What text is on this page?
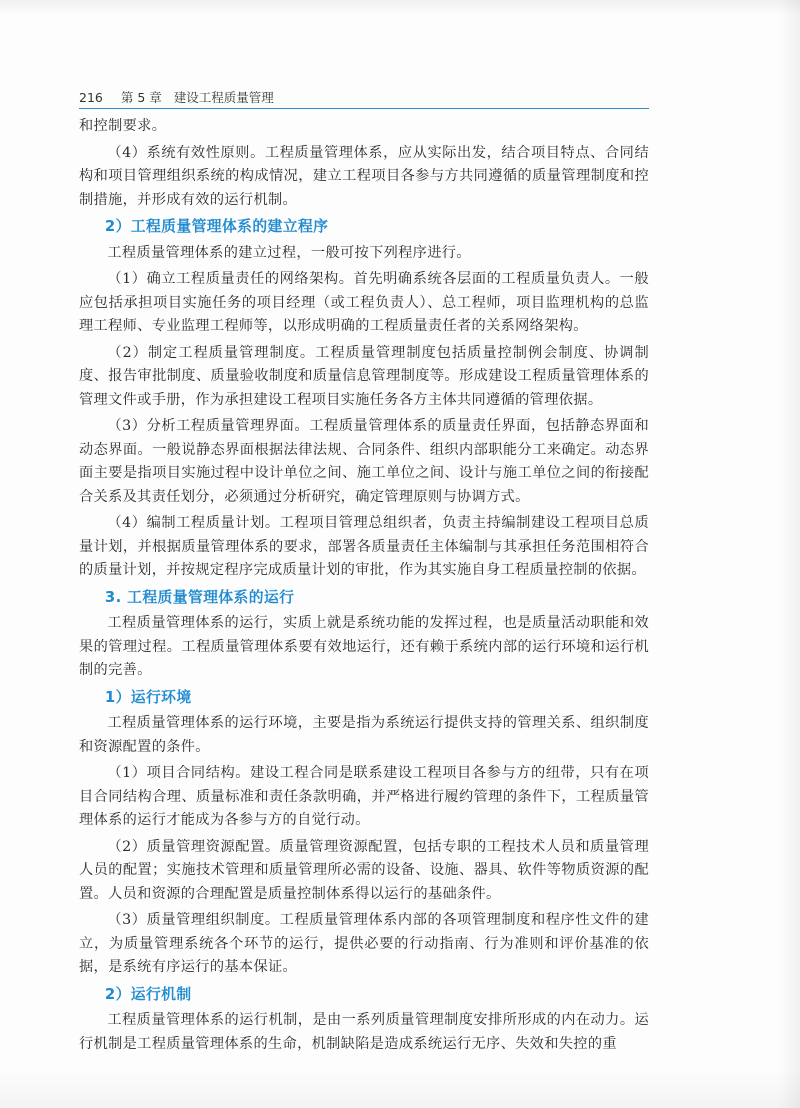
216 第 5 章 建设工程质量管理

和控制要求。

（4）系统有效性原则。工程质量管理体系，应从实际出发，结合项目特点、合同结构和项目管理组织系统的构成情况，建立工程项目各参与方共同遵循的质量管理制度和控制措施，并形成有效的运行机制。

2）工程质量管理体系的建立程序

工程质量管理体系的建立过程，一般可按下列程序进行。

（1）确立工程质量责任的网络架构。首先明确系统各层面的工程质量负责人。一般应包括承担项目实施任务的项目经理（或工程负责人）、总工程师，项目监理机构的总监理工程师、专业监理工程师等，以形成明确的工程质量责任者的关系网络架构。

（2）制定工程质量管理制度。工程质量管理制度包括质量控制例会制度、协调制度、报告审批制度、质量验收制度和质量信息管理制度等。形成建设工程质量管理体系的管理文件或手册，作为承担建设工程项目实施任务各方主体共同遵循的管理依据。

（3）分析工程质量管理界面。工程质量管理体系的质量责任界面，包括静态界面和动态界面。一般说静态界面根据法律法规、合同条件、组织内部职能分工来确定。动态界面主要是指项目实施过程中设计单位之间、施工单位之间、设计与施工单位之间的衔接配合关系及其责任划分，必须通过分析研究，确定管理原则与协调方式。

（4）编制工程质量计划。工程项目管理总组织者，负责主持编制建设工程项目总质量计划，并根据质量管理体系的要求，部署各质量责任主体编制与其承担任务范围相符合的质量计划，并按规定程序完成质量计划的审批，作为其实施自身工程质量控制的依据。

3. 工程质量管理体系的运行

工程质量管理体系的运行，实质上就是系统功能的发挥过程，也是质量活动职能和效果的管理过程。工程质量管理体系要有效地运行，还有赖于系统内部的运行环境和运行机制的完善。

1）运行环境

工程质量管理体系的运行环境，主要是指为系统运行提供支持的管理关系、组织制度和资源配置的条件。

（1）项目合同结构。建设工程合同是联系建设工程项目各参与方的纽带，只有在项目合同结构合理、质量标准和责任条款明确，并严格进行履约管理的条件下，工程质量管理体系的运行才能成为各参与方的自觉行动。

（2）质量管理资源配置。质量管理资源配置，包括专职的工程技术人员和质量管理人员的配置；实施技术管理和质量管理所必需的设备、设施、器具、软件等物质资源的配置。人员和资源的合理配置是质量控制体系得以运行的基础条件。

（3）质量管理组织制度。工程质量管理体系内部的各项管理制度和程序性文件的建立，为质量管理系统各个环节的运行，提供必要的行动指南、行为准则和评价基准的依据，是系统有序运行的基本保证。

2）运行机制

工程质量管理体系的运行机制，是由一系列质量管理制度安排所形成的内在动力。运行机制是工程质量管理体系的生命，机制缺陷是造成系统运行无序、失效和失控的重
